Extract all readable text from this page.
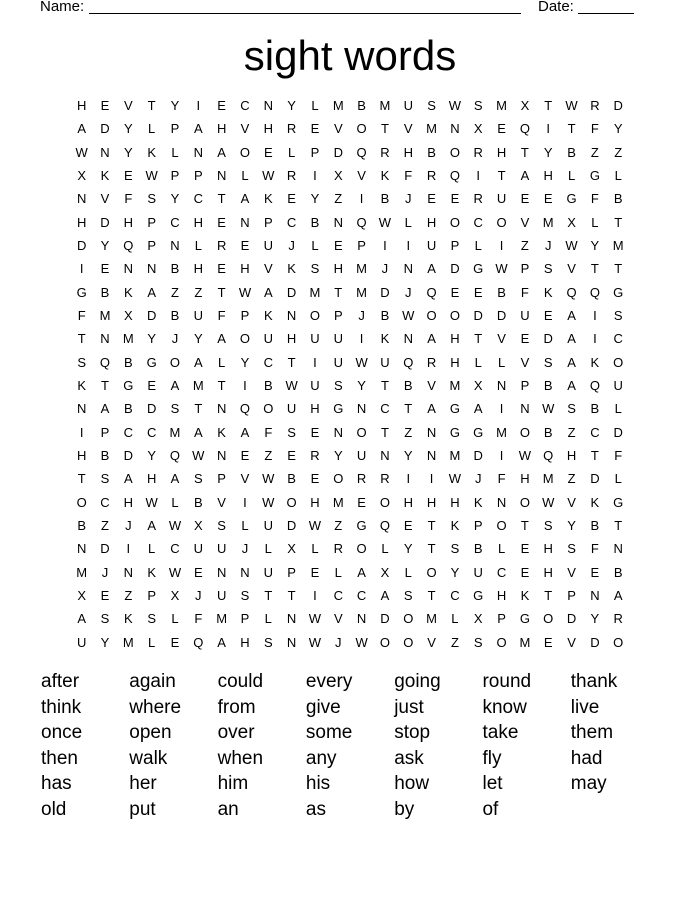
Name:	Date:
sight words
H	E	V	T	Y	I	E	C	N	Y	L	M	B	M	U	S W S	M	X	T	W R	D
A	D	Y	L	P	A	H	V	H	R	E	V	O	T	V	M	N	X	E	Q	I	T	F	Y
W N	Y	K	L	N	A	O	E	L	P	D	Q	R	H	B	O	R	H	T	Y	B	Z	Z
X	K	E W P	P	N	L	W R	I	X	V	K	F	R	Q	I	T	A	H	L	G	L
N	V	F	S	Y	C	T	A	K	E	Y	Z	I	B	J	E	E	R	U	E	E	G	F	B
H	D	H	P	C	H	E	N	P	C	B	N	Q W	L	H	O	C	O	V	M	X	L	T
D	Y	Q	P	N	L	R	E	U	J	L	E	P	I	I	U	P	L	I	Z	J	W Y	M
I	E	N	N	B	H	E	H	V	K	S	H	M	J	N	A	D	G W P	S	V	T	T
G	B	K	A	Z	Z	T	W A	D	M	T	M	D	J	Q	E	E	B	F	K	Q	Q	G
F	M	X	D	B	U	F	P	K	N	O	P	J	B W O	O	D	D	U	E	A	I	S
T	N	M	Y	J	Y	A	O	U	H	U	U	I	K	N	A	H	T	V	E	D	A	I	C
S	Q	B	G	O	A	L	Y	C	T	I	U W U	Q	R	H	L	L	V	S	A	K	O
K	T	G	E	A	M	T	I	B W U	S	Y	T	B	V	M	X	N	P	B	A	Q	U
N	A	B	D	S	T	N	Q	O	U	H	G	N	C	T	A	G	A	I	N W S	B	L
I	P	C	C	M	A	K	A	F	S	E	N	O	T	Z	N	G	G M O	B	Z	C	D
H	B	D	Y	Q W N	E	Z	E	R	Y	U	N	Y	N	M	D	I	W Q	H	T	F
T	S	A	H	A	S	P	V W B	E	O	R	R	I	I	W	J	F	H	M	Z	D	L
O	C	H W	L	B	V	I	W O	H	M	E	O	H	H	H	K	N	O W V	K	G
B	Z	J	A W X	S	L	U	D W	Z	G	Q	E	T	K	P	O	T	S	Y	B	T
N	D	I	L	C	U	U	J	L	X	L	R	O	L	Y	T	S	B	L	E	H	S	F	N
M	J	N	K W E	N	N	U	P	E	L	A	X	L	O	Y	U	C	E	H	V	E	B
X	E	Z	P	X	J	U	S	T	T	I	C	C	A	S	T	C	G	H	K	T	P	N	A
A	S	K	S	L	F	M	P	L	N W V	N	D	O M	L	X	P	G	O	D	Y	R
U	Y	M	L	E	Q	A	H	S	N W	J	W O	O	V	Z	S	O M	E	V	D	O
after	again	could	every	going	round	thank
think	where	from	give	just	know	live
once	open	over	some	stop	take	them
then	walk	when	any	ask	fly	had
has	her	him	his	how	let	may
old	put	an	as	by	of
